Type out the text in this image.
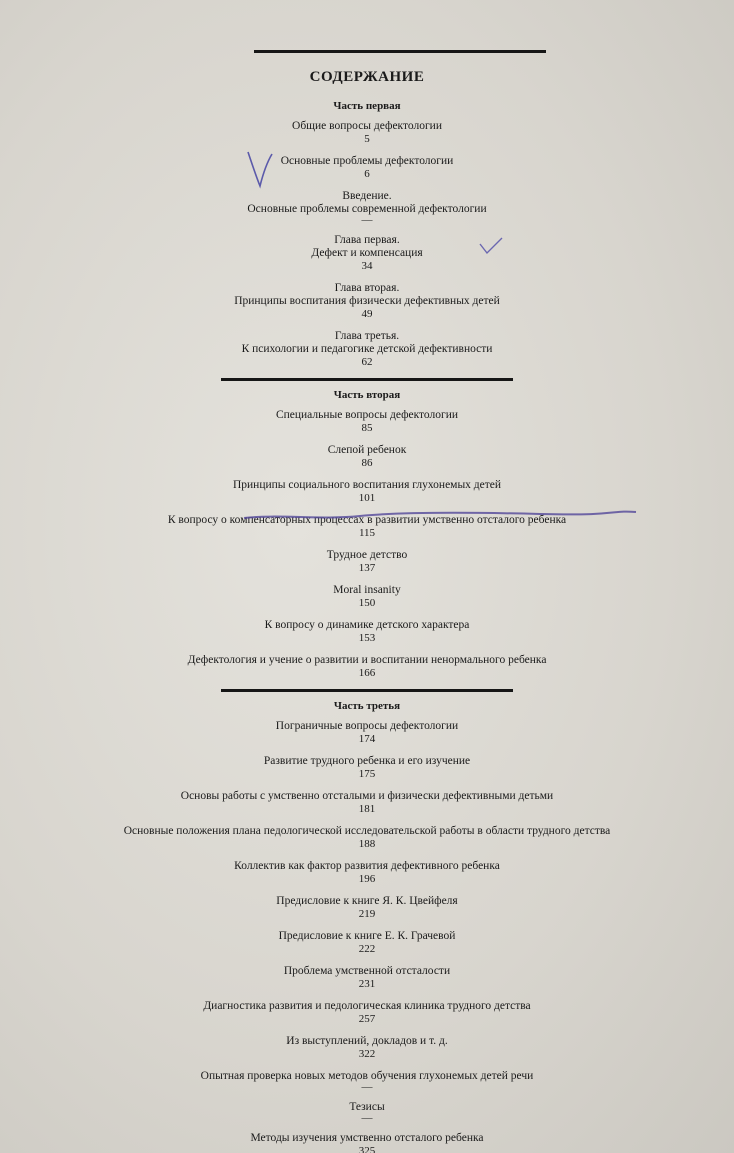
СОДЕРЖАНИЕ
Часть первая
Общие вопросы дефектологии
5
Основные проблемы дефектологии
6
Введение.
Основные проблемы современной дефектологии
—
Глава первая.
Дефект и компенсация
34
Глава вторая.
Принципы воспитания физически дефективных детей
49
Глава третья.
К психологии и педагогике детской дефективности
62
Часть вторая
Специальные вопросы дефектологии
85
Слепой ребенок
86
Принципы социального воспитания глухонемых детей
101
К вопросу о компенсаторных процессах в развитии умственно отсталого ребенка
115
Трудное детство
137
Moral insanity
150
К вопросу о динамике детского характера
153
Дефектология и учение о развитии и воспитании ненормального ребенка
166
Часть третья
Пограничные вопросы дефектологии
174
Развитие трудного ребенка и его изучение
175
Основы работы с умственно отсталыми и физически дефективными детьми
181
Основные положения плана педологической исследовательской работы в области трудного детства
188
Коллектив как фактор развития дефективного ребенка
196
Предисловие к книге Я. К. Цвейфеля
219
Предисловие к книге Е. К. Грачевой
222
Проблема умственной отсталости
231
Диагностика развития и педологическая клиника трудного детства
257
Из выступлений, докладов и т. д.
322
Опытная проверка новых методов обучения глухонемых детей речи
—
Тезисы
—
Методы изучения умственно отсталого ребенка
325
